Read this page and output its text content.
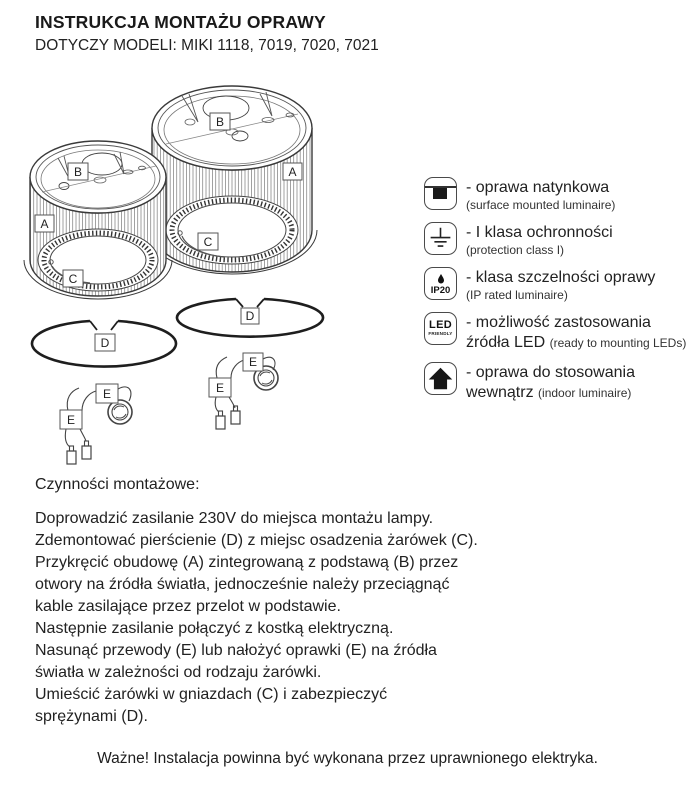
INSTRUKCJA MONTAŻU OPRAWY
DOTYCZY MODELI: MIKI 1118, 7019, 7020, 7021
B
A
C
B
A
C
D
D
E
E	E
E
- oprawa natynkowa
(surface mounted luminaire)
- I klasa ochronności
(protection class I)
IP20
- klasa szczelności oprawy
(IP rated luminaire)
LED
FRIENDLY
- możliwość zastosowania
źródła LED (ready to mounting LEDs)
- oprawa do stosowania
wewnątrz (indoor luminaire)
Czynności montażowe:
Doprowadzić zasilanie 230V do miejsca montażu lampy.
Zdemontować pierścienie (D) z miejsc osadzenia żarówek (C).
Przykręcić obudowę (A) zintegrowaną z podstawą (B) przez
otwory na źródła światła, jednocześnie należy przeciągnąć
kable zasilające przez przelot w podstawie.
Następnie zasilanie połączyć z kostką elektryczną.
Nasunąć przewody (E) lub nałożyć oprawki (E) na źródła
światła w zależności od rodzaju żarówki.
Umieścić żarówki w gniazdach (C) i zabezpieczyć
sprężynami (D).
Ważne! Instalacja powinna być wykonana przez uprawnionego elektryka.
